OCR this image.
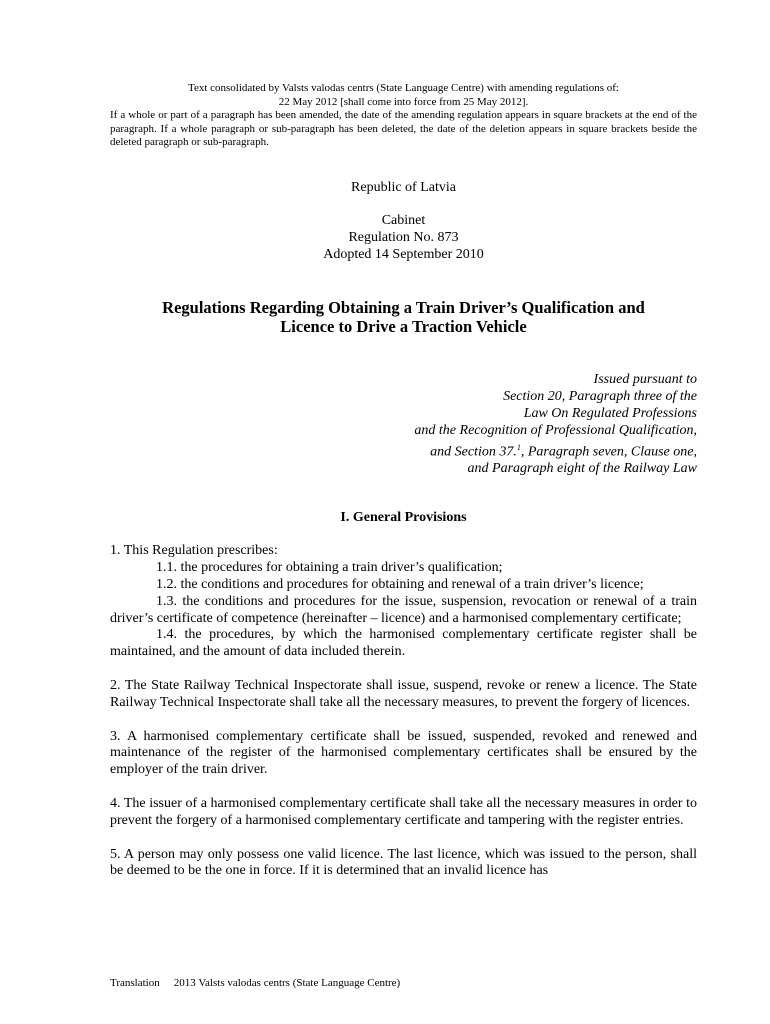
Text consolidated by Valsts valodas centrs (State Language Centre) with amending regulations of:

22 May 2012 [shall come into force from 25 May 2012].

If a whole or part of a paragraph has been amended, the date of the amending regulation appears in square brackets at the end of the paragraph. If a whole paragraph or sub-paragraph has been deleted, the date of the deletion appears in square brackets beside the deleted paragraph or sub-paragraph.

Republic of Latvia

Cabinet

Regulation No. 873

Adopted 14 September 2010

Regulations Regarding Obtaining a Train Driver’s Qualification and

Licence to Drive a Traction Vehicle

Issued pursuant to

Section 20, Paragraph three of the

Law On Regulated Professions

and the Recognition of Professional Qualification,

and Section 37.$^1$, Paragraph seven, Clause one,

and Paragraph eight of the Railway Law

I. General Provisions

1. This Regulation prescribes:

1.1. the procedures for obtaining a train driver’s qualification;

1.2. the conditions and procedures for obtaining and renewal of a train driver’s licence;

1.3. the conditions and procedures for the issue, suspension, revocation or renewal of a train driver’s certificate of competence (hereinafter – licence) and a harmonised complementary certificate;

1.4. the procedures, by which the harmonised complementary certificate register shall be maintained, and the amount of data included therein.

2. The State Railway Technical Inspectorate shall issue, suspend, revoke or renew a licence. The State Railway Technical Inspectorate shall take all the necessary measures, to prevent the forgery of licences.

3. A harmonised complementary certificate shall be issued, suspended, revoked and renewed and maintenance of the register of the harmonised complementary certificates shall be ensured by the employer of the train driver.

4. The issuer of a harmonised complementary certificate shall take all the necessary measures in order to prevent the forgery of a harmonised complementary certificate and tampering with the register entries.

5. A person may only possess one valid licence. The last licence, which was issued to the person, shall be deemed to be the one in force. If it is determined that an invalid licence has

Translation   2013 Valsts valodas centrs (State Language Centre)
